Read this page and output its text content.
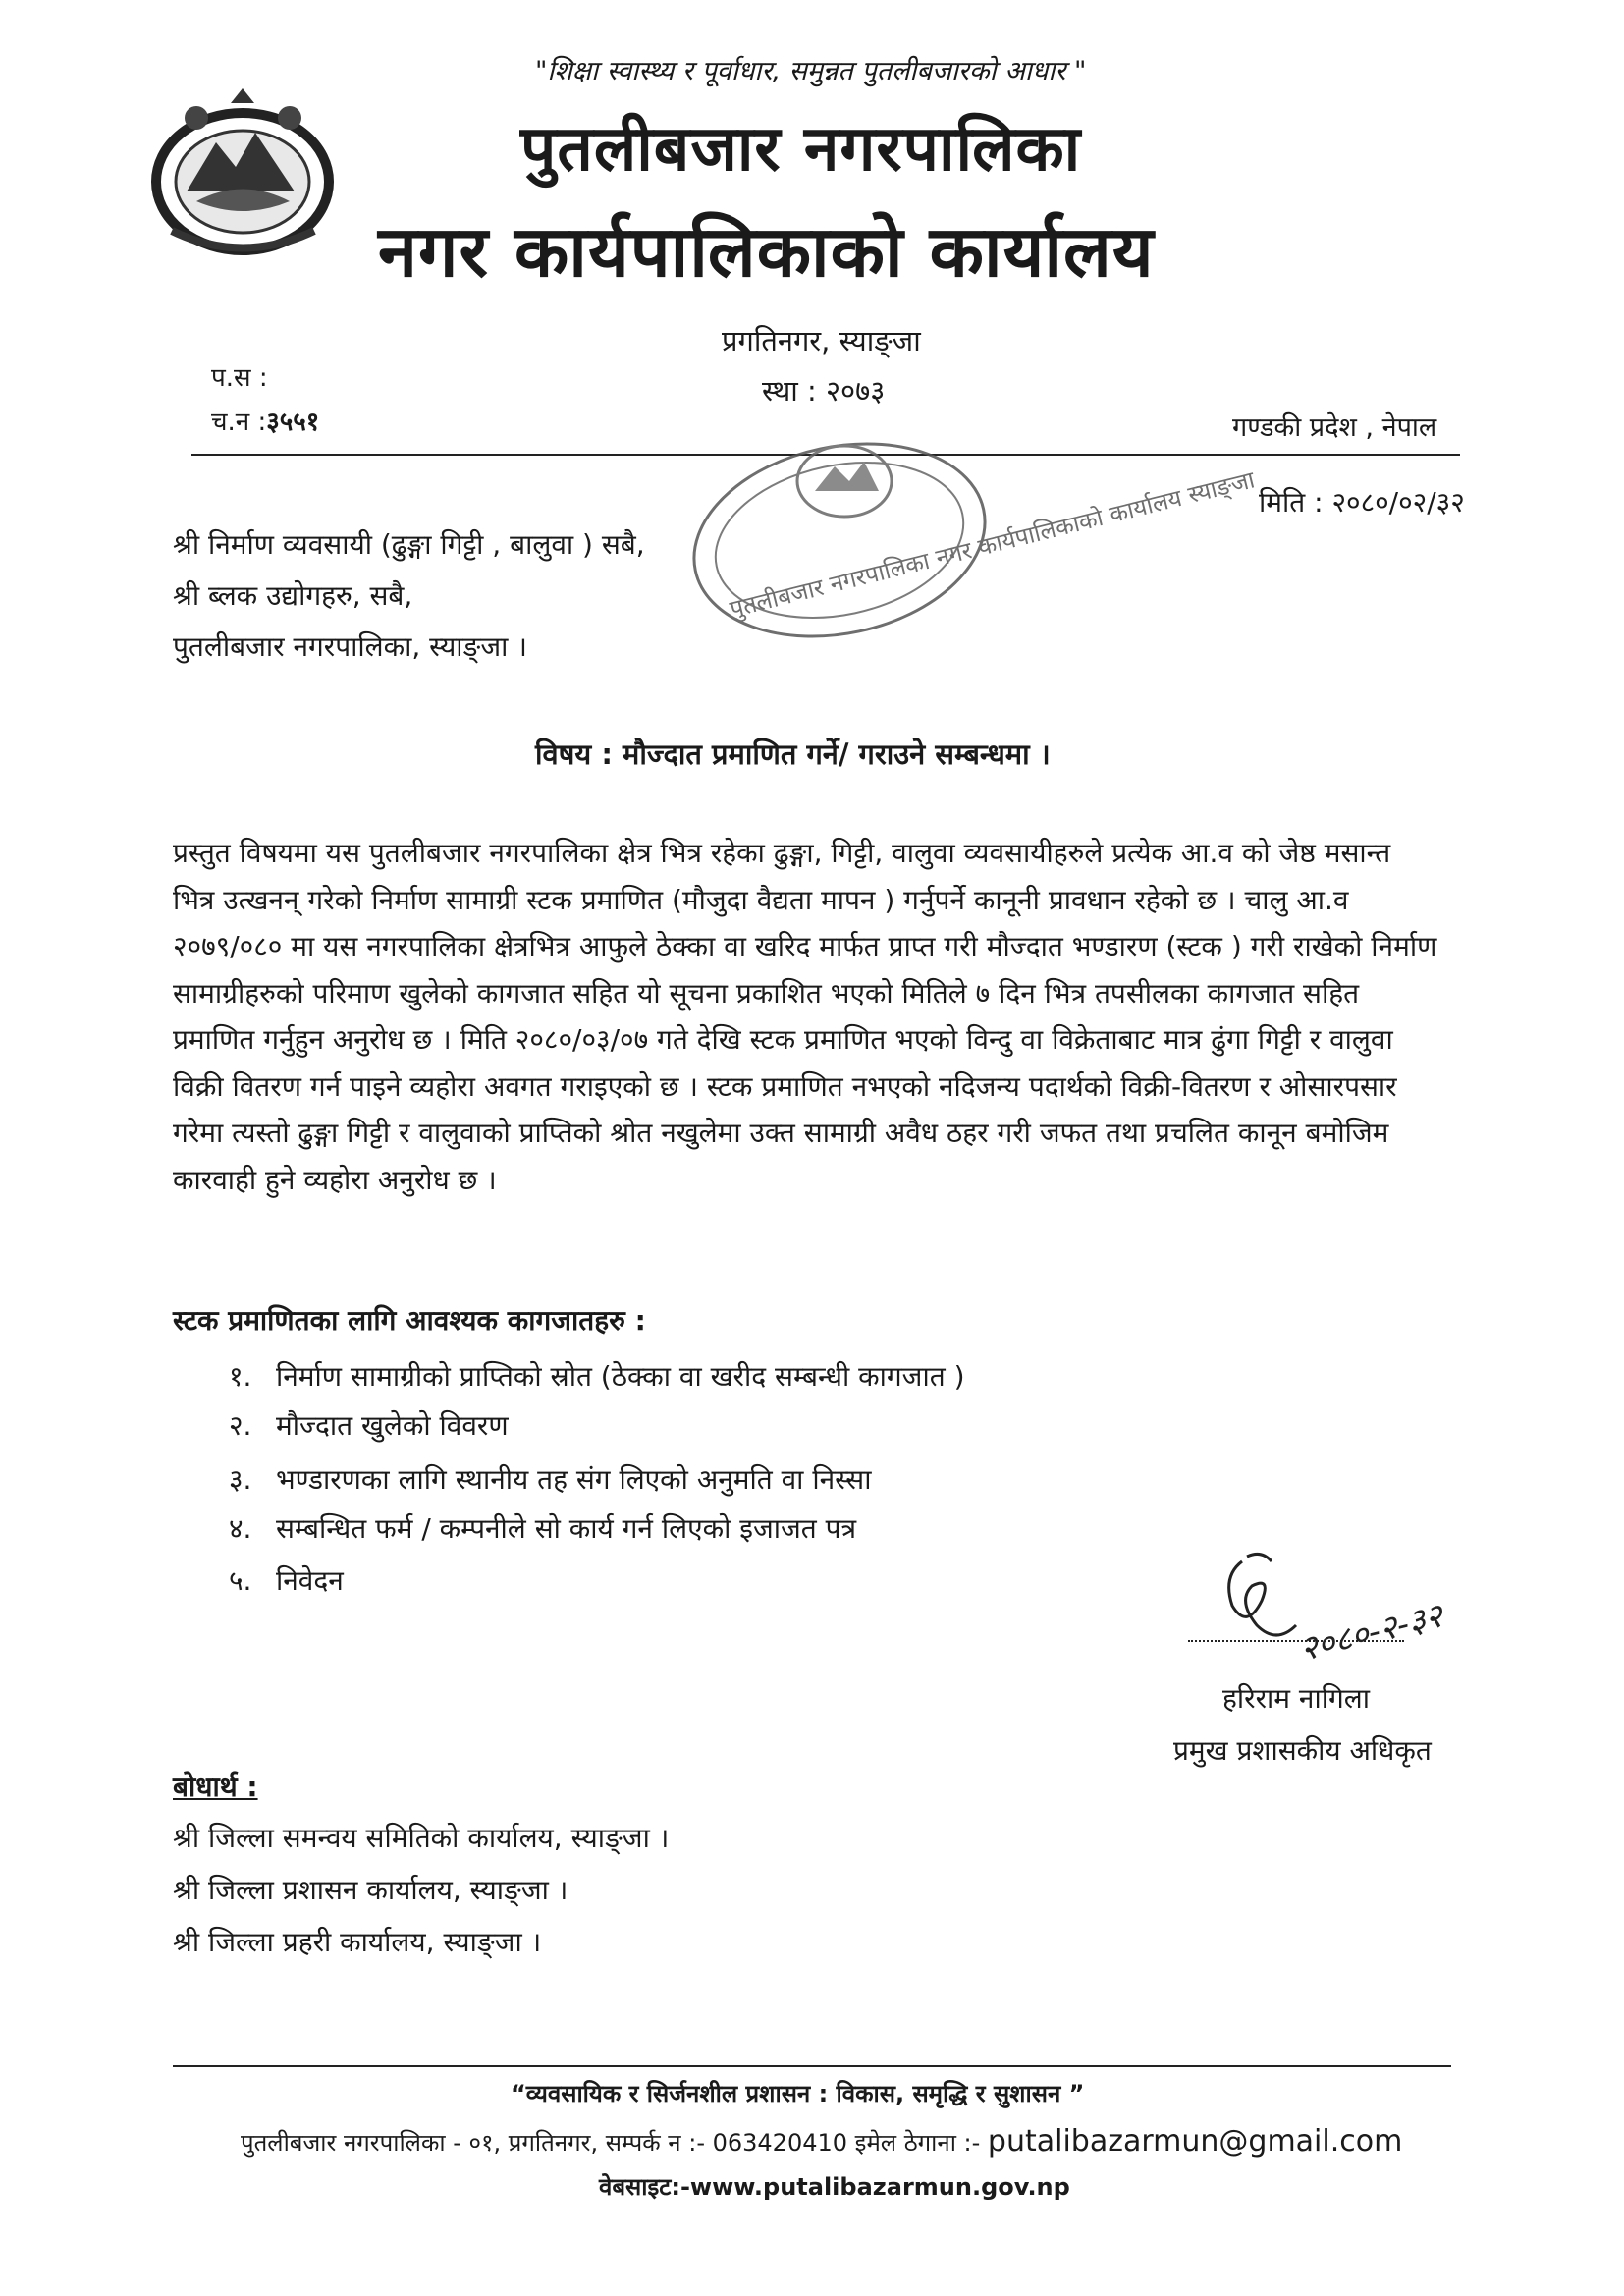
"शिक्षा स्वास्थ्य र पूर्वाधार, समुन्नत पुतलीबजारको आधार "
पुतलीबजार नगरपालिका
नगर कार्यपालिकाको कार्यालय
प्रगतिनगर, स्याङ्जा
स्था : २०७३
प.स :
च.न :३५५१	गण्डकी प्रदेश , नेपाल
मिति : २०८०/०२/३२
पुतलीबजार नगरपालिका नगर कार्यपालिकाको कार्यालय स्याङ्जा
श्री निर्माण व्यवसायी (ढुङ्गा गिट्टी , बालुवा ) सबै,
श्री ब्लक उद्योगहरु, सबै,
पुतलीबजार नगरपालिका, स्याङ्जा ।
विषय : मौज्दात प्रमाणित गर्ने/ गराउने सम्बन्धमा ।
प्रस्तुत विषयमा यस पुतलीबजार नगरपालिका क्षेत्र भित्र रहेका ढुङ्गा, गिट्टी, वालुवा व्यवसायीहरुले प्रत्येक आ.व को जेष्ठ मसान्त
भित्र उत्खनन् गरेको निर्माण सामाग्री स्टक प्रमाणित (मौजुदा वैद्यता मापन ) गर्नुपर्ने कानूनी प्रावधान रहेको छ । चालु आ.व
२०७९/०८० मा यस नगरपालिका क्षेत्रभित्र आफुले ठेक्का वा खरिद मार्फत प्राप्त गरी मौज्दात भण्डारण (स्टक ) गरी राखेको निर्माण
सामाग्रीहरुको परिमाण खुलेको कागजात सहित यो सूचना प्रकाशित भएको मितिले ७ दिन भित्र तपसीलका कागजात सहित
प्रमाणित गर्नुहुन अनुरोध छ । मिति २०८०/०३/०७ गते देखि स्टक प्रमाणित भएको विन्दु वा विक्रेताबाट मात्र ढुंगा गिट्टी र वालुवा
विक्री वितरण गर्न पाइने व्यहोरा अवगत गराइएको छ । स्टक प्रमाणित नभएको नदिजन्य पदार्थको विक्री-वितरण र ओसारपसार
गरेमा त्यस्तो ढुङ्गा गिट्टी र वालुवाको प्राप्तिको श्रोत नखुलेमा उक्त सामाग्री अवैध ठहर गरी जफत तथा प्रचलित कानून बमोजिम
कारवाही हुने व्यहोरा अनुरोध छ ।
स्टक प्रमाणितका लागि आवश्यक कागजातहरु :
१. निर्माण सामाग्रीको प्राप्तिको स्रोत (ठेक्का वा खरीद सम्बन्धी कागजात )
२. मौज्दात खुलेको विवरण
३. भण्डारणका लागि स्थानीय तह संग लिएको अनुमति वा निस्सा
४. सम्बन्धित फर्म / कम्पनीले सो कार्य गर्न लिएको इजाजत पत्र
५. निवेदन
२०८०-२-३२
हरिराम नागिला
प्रमुख प्रशासकीय अधिकृत
बोधार्थ :
श्री जिल्ला समन्वय समितिको कार्यालय, स्याङ्जा ।
श्री जिल्ला प्रशासन कार्यालय, स्याङ्जा ।
श्री जिल्ला प्रहरी कार्यालय, स्याङ्जा ।
“व्यवसायिक र सिर्जनशील प्रशासन : विकास, समृद्धि र सुशासन ”
पुतलीबजार नगरपालिका - ०१, प्रगतिनगर, सम्पर्क न :- 063420410 इमेल ठेगाना :- putalibazarmun@gmail.com
वेबसाइट:-www.putalibazarmun.gov.np
